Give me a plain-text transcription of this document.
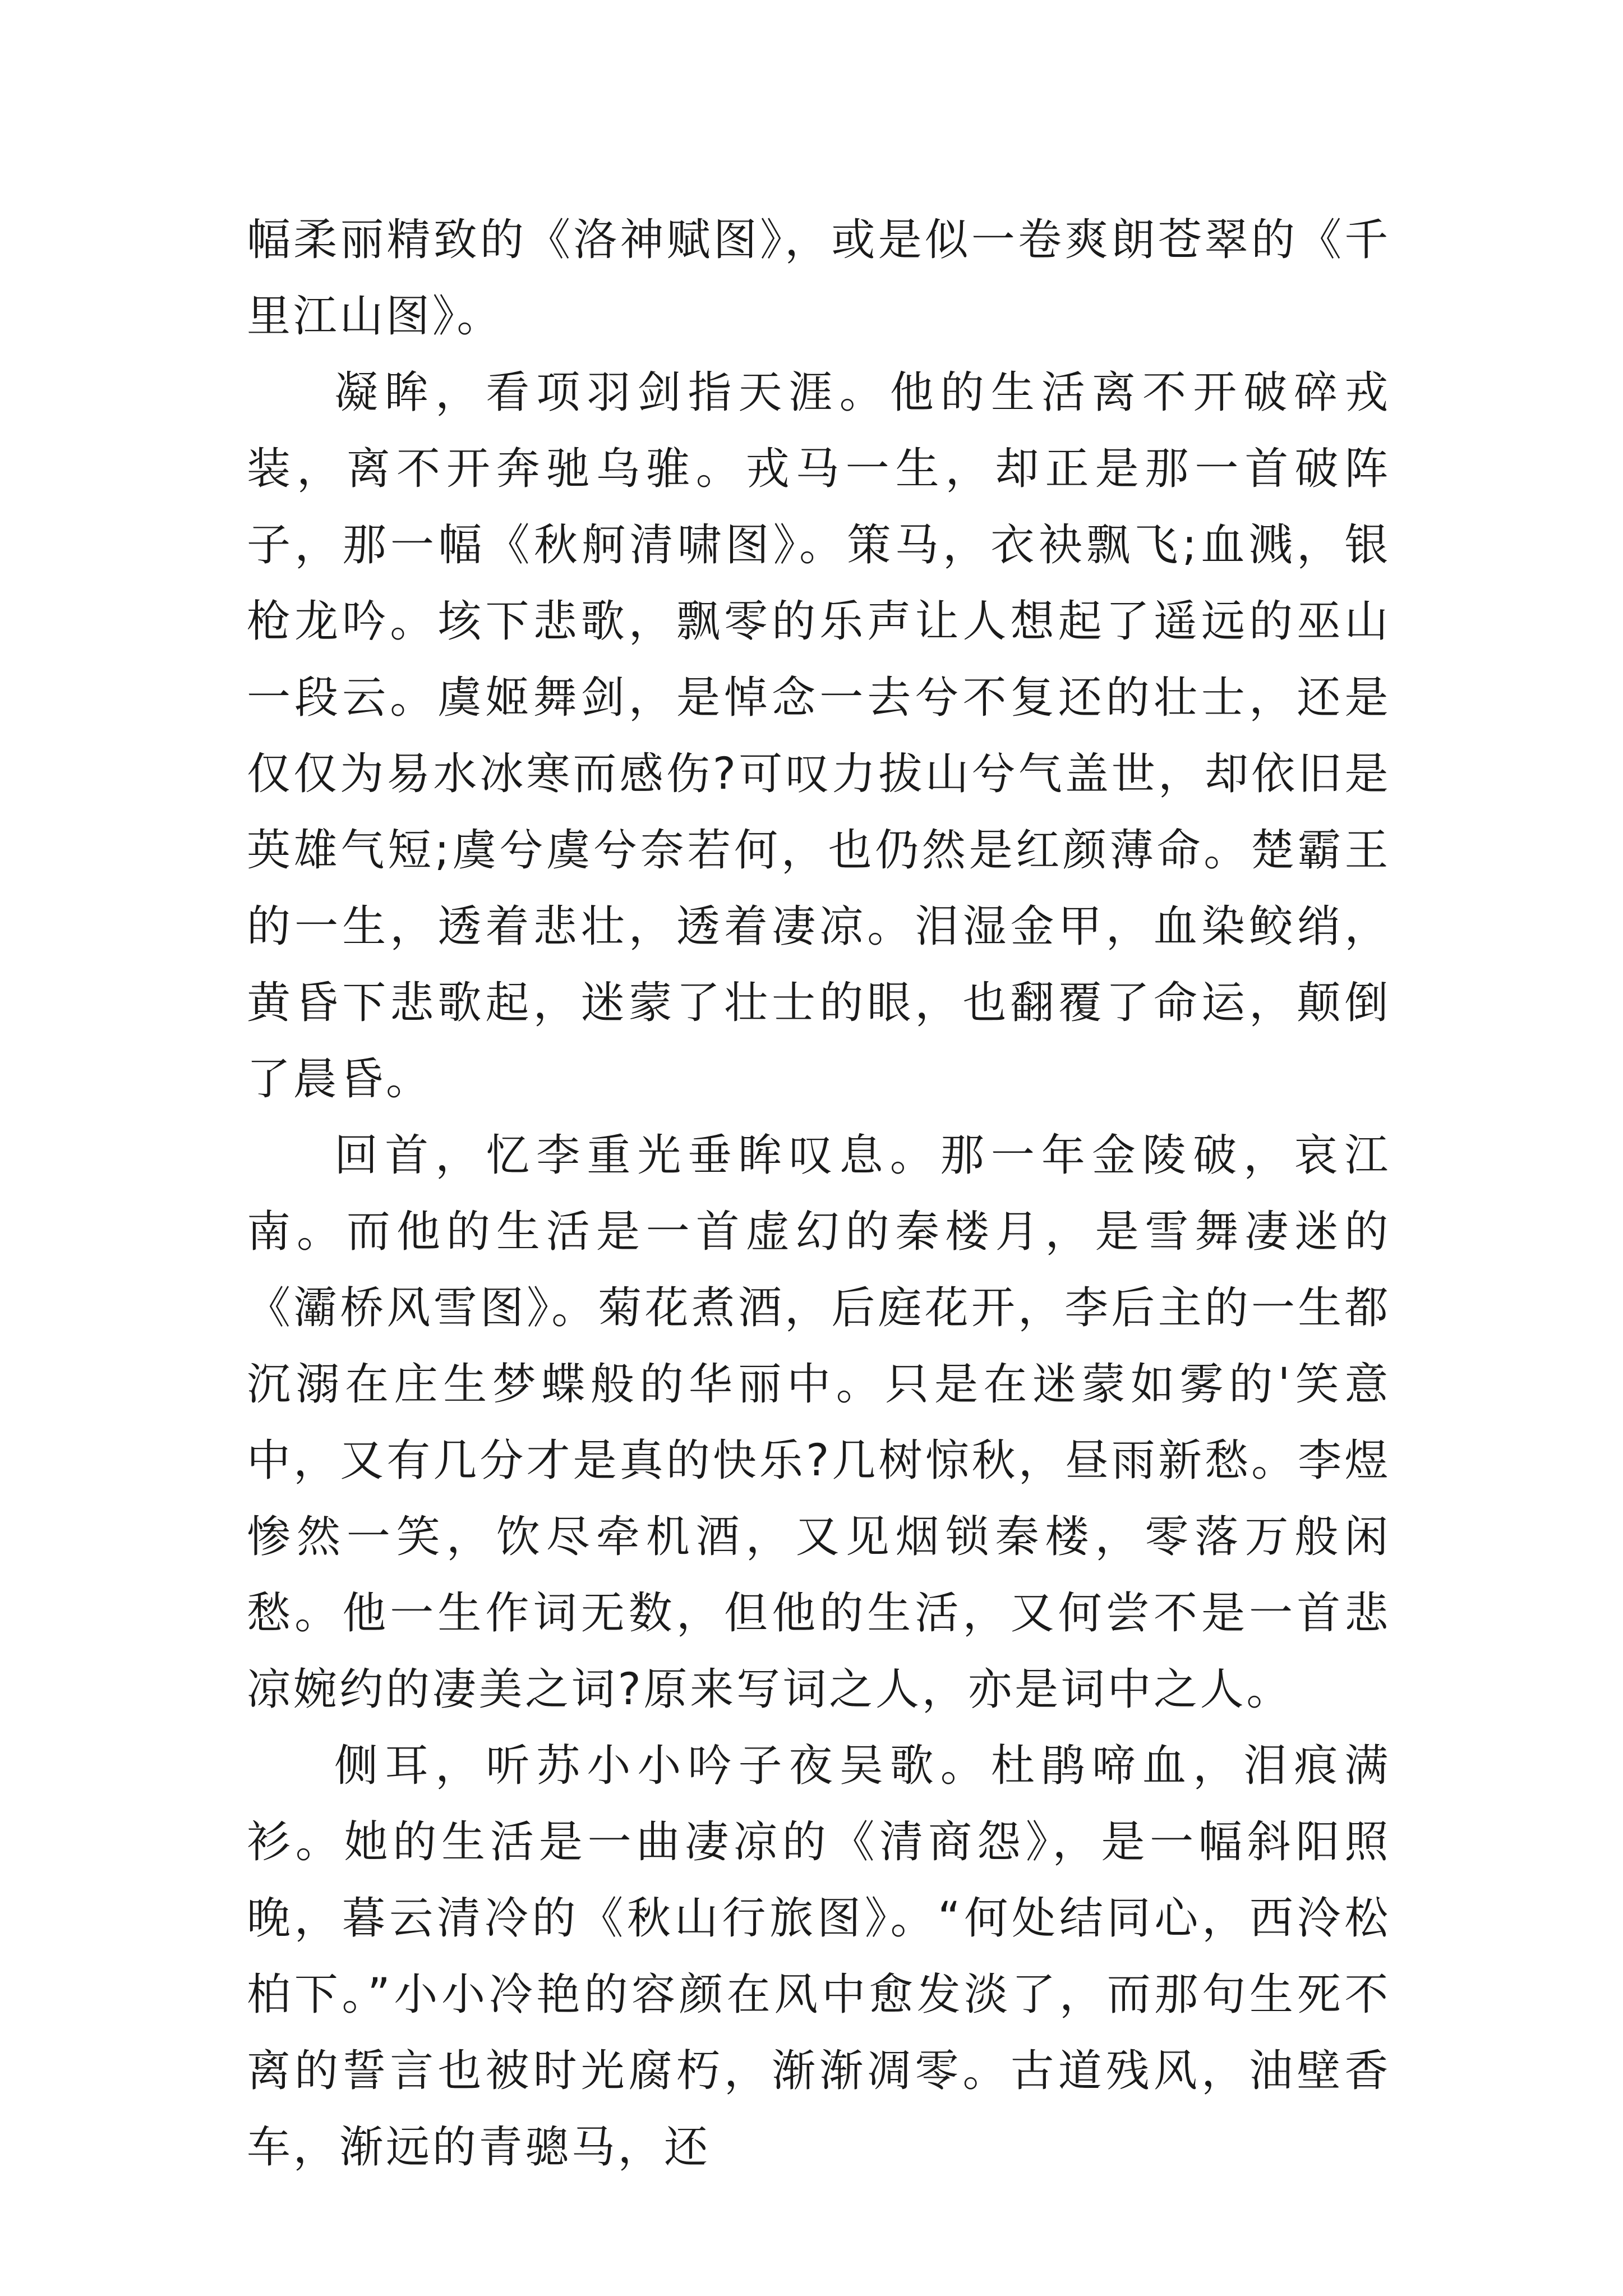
幅柔丽精致的《洛神赋图》，或是似一卷爽朗苍翠的《千里江山图》。

凝眸，看项羽剑指天涯。他的生活离不开破碎戎装，离不开奔驰乌骓。戎马一生，却正是那一首破阵子，那一幅《秋舸清啸图》。策马，衣袂飘飞;血溅，银枪龙吟。垓下悲歌，飘零的乐声让人想起了遥远的巫山一段云。虞姬舞剑，是悼念一去兮不复还的壮士，还是仅仅为易水冰寒而感伤?可叹力拔山兮气盖世，却依旧是英雄气短;虞兮虞兮奈若何，也仍然是红颜薄命。楚霸王的一生，透着悲壮，透着凄凉。泪湿金甲，血染鲛绡，黄昏下悲歌起，迷蒙了壮士的眼，也翻覆了命运，颠倒了晨昏。

回首，忆李重光垂眸叹息。那一年金陵破，哀江南。而他的生活是一首虚幻的秦楼月，是雪舞凄迷的《灞桥风雪图》。菊花煮酒，后庭花开，李后主的一生都沉溺在庄生梦蝶般的华丽中。只是在迷蒙如雾的'笑意中，又有几分才是真的快乐?几树惊秋，昼雨新愁。李煜惨然一笑，饮尽牵机酒，又见烟锁秦楼，零落万般闲愁。他一生作词无数，但他的生活，又何尝不是一首悲凉婉约的凄美之词?原来写词之人，亦是词中之人。

侧耳，听苏小小吟子夜吴歌。杜鹃啼血，泪痕满衫。她的生活是一曲凄凉的《清商怨》，是一幅斜阳照晚，暮云清冷的《秋山行旅图》。“何处结同心，西泠松柏下。”小小冷艳的容颜在风中愈发淡了，而那句生死不离的誓言也被时光腐朽，渐渐凋零。古道残风，油壁香车，渐远的青骢马，还
